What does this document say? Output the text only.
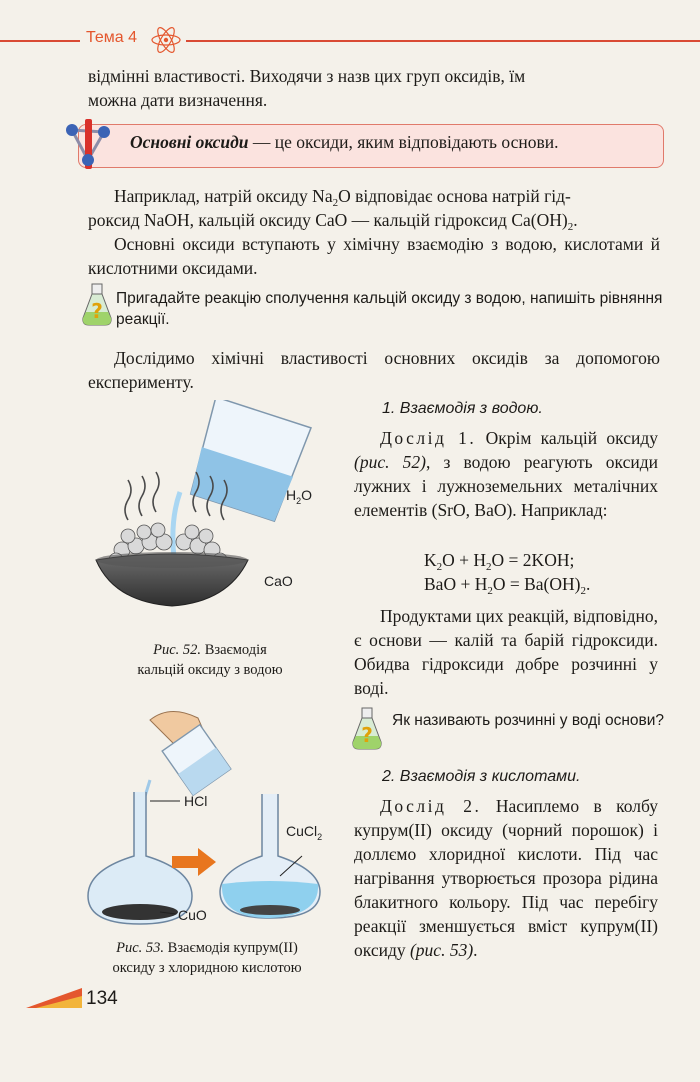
Тема 4
відмінні властивості. Виходячи з назв цих груп оксидів, їм
можна дати визначення.
Основні оксиди — це оксиди, яким відповідають основи.
Наприклад, натрій оксиду $Na_2O$ відповідає основа натрій гід-
роксид NaOH, кальцій оксиду CaO — кальцій гідроксид $Ca(OH)_2$.
Основні оксиди вступають у хімічну взаємодію з водою, кислотами й кислотними оксидами.
?
Пригадайте реакцію сполучення кальцій оксиду з водою, напишіть рівняння реакції.
Дослідимо хімічні властивості основних оксидів за допомогою експерименту.
$H_2O$
CaO
Рис. 52. Взаємодія
кальцій оксиду з водою
HCl
CuO
CuCl$_2$
Рис. 53. Взаємодія купрум(II)
оксиду з хлоридною кислотою
1. Взаємодія з водою.
Дослід 1. Окрім кальцій оксиду (рис. 52), з водою реагують оксиди лужних і лужноземельних металічних елементів (SrO, BaO). Наприклад:
$K_2O + H_2O = 2KOH$;
BaO + $H_2O = Ba(OH)_2$.
Продуктами цих реакцій, відповідно, є основи — калій та барій гідроксиди. Обидва гідроксиди добре розчинні у воді.
?
Як називають розчинні у воді основи?
2. Взаємодія з кислотами.
Дослід 2. Насиплемо в колбу купрум(II) оксиду (чорний порошок) і доллємо хлоридної кислоти. Під час нагрівання утворюється прозора рідина блакитного кольору. Під час перебігу реакції зменшується вміст купрум(II) оксиду (рис. 53).
134
